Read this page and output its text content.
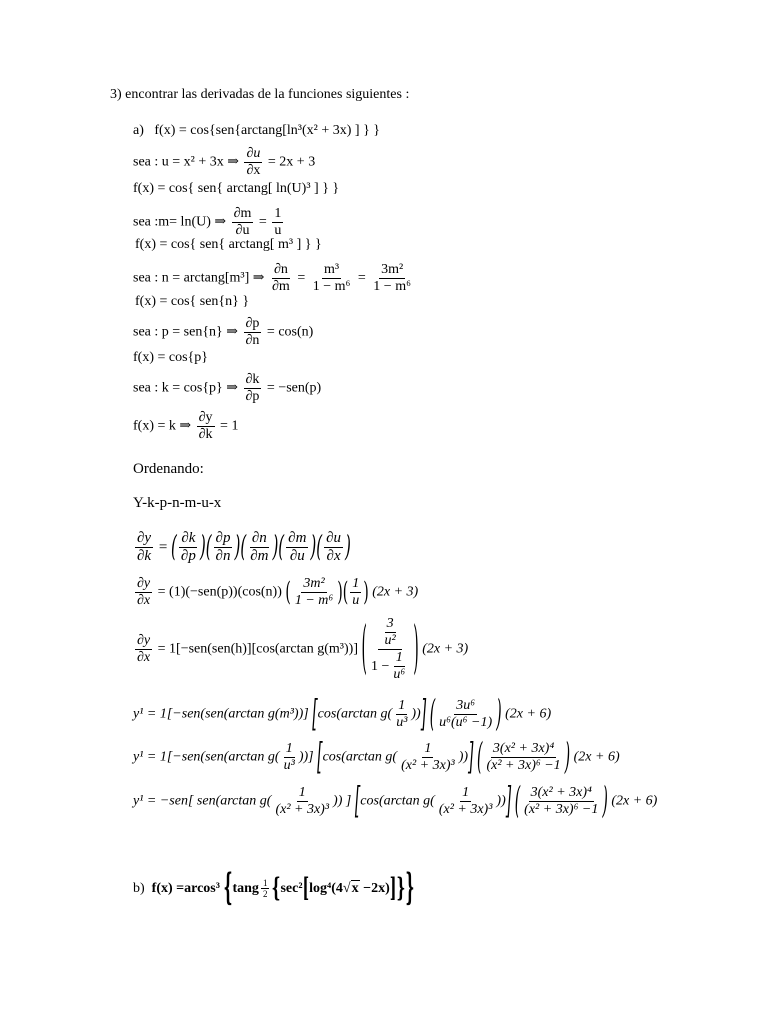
3) encontrar las derivadas de la funciones siguientes :
a) f(x) = cos{sen{arctang[ln³(x² + 3x) ] } }
sea : u = x² + 3x ⇒ $\frac{\partial u}{\partial x} = 2x + 3$
f(x) = cos{ sen{ arctang[ ln(U)³ ] } }
sea :m= ln(U) ⇒ $\frac{\partial m}{\partial u} = \frac{1}{u}$
f(x) = cos{ sen{ arctang[ m³ ] } }
sea : n = arctang[m³] ⇒ $\frac{\partial n}{\partial m} = \frac{\text{m³}}{\text{1 − m⁶}} = \frac{\text{3m²}}{\text{1 − m⁶}}$
f(x) = cos{ sen{n} }
sea : p = sen{n} ⇒ $\frac{\partial p}{\partial n} = \cos(n)$
f(x) = cos{p}
sea : k = cos{p} ⇒ $\frac{\partial k}{\partial p} = -sen(p)$
f(x) = k ⇒ $\frac{\partial y}{\partial k} = 1$
Ordenando:
Y-k-p-n-m-u-x
$\frac{\partial y}{\partial k}$ = ( $\frac{\partial k}{\partial p}$ )( $\frac{\partial p}{\partial n}$ )( $\frac{\partial n}{\partial m}$ )( $\frac{\partial m}{\partial u}$ )( $\frac{\partial u}{\partial x}$ )
$\frac{\partial y}{\partial x} = (1)(-sen(p))(\cos(n))$ ( $\frac{\text{3m²}}{\text{1 − m⁶}}$ )( $\frac{1}{u}$ ) (2x + 3)
$\frac{\partial y}{\partial x} = 1[-sen(sen(h)][\cos(\arctan$ g(m³))] ( $\frac{\frac{3}{\text{u²}}}{1 - \frac{1}{\text{u⁶}}}$ ) (2x + 3)
y¹ = 1[−sen(sen(arctan g(m³))] [cos(arctan $g( \frac{1}{\text{u³}}$ ))] ( $\frac{\text{3u⁶}}{\text{u⁶(u⁶ −1)}}$ ) (2x + 6)
y¹ = 1[−sen(sen(arctan $g( \frac{1}{\text{u³}}$ ))] [cos(arctan $g( \frac{1}{\text{(x² + 3x)³}}$ ))] ( $\frac{\text{3(x² + 3x)⁴}}{\text{(x² + 3x)⁶ −1}}$ ) (2x + 6)
y¹ = −sen[ sen(arctan $g( \frac{1}{\text{(x² + 3x)³}}$ )) ] [cos(arctan $g( \frac{1}{\text{(x² + 3x)³}}$ ))] ( $\frac{\text{3(x² + 3x)⁴}}{\text{(x² + 3x)⁶ −1}}$ ) (2x + 6)
b) f(x) =arcos³ $\{\tan g \frac{1}{2} \{\sec^2[\log^4(4√x -2x)]\}\}$
